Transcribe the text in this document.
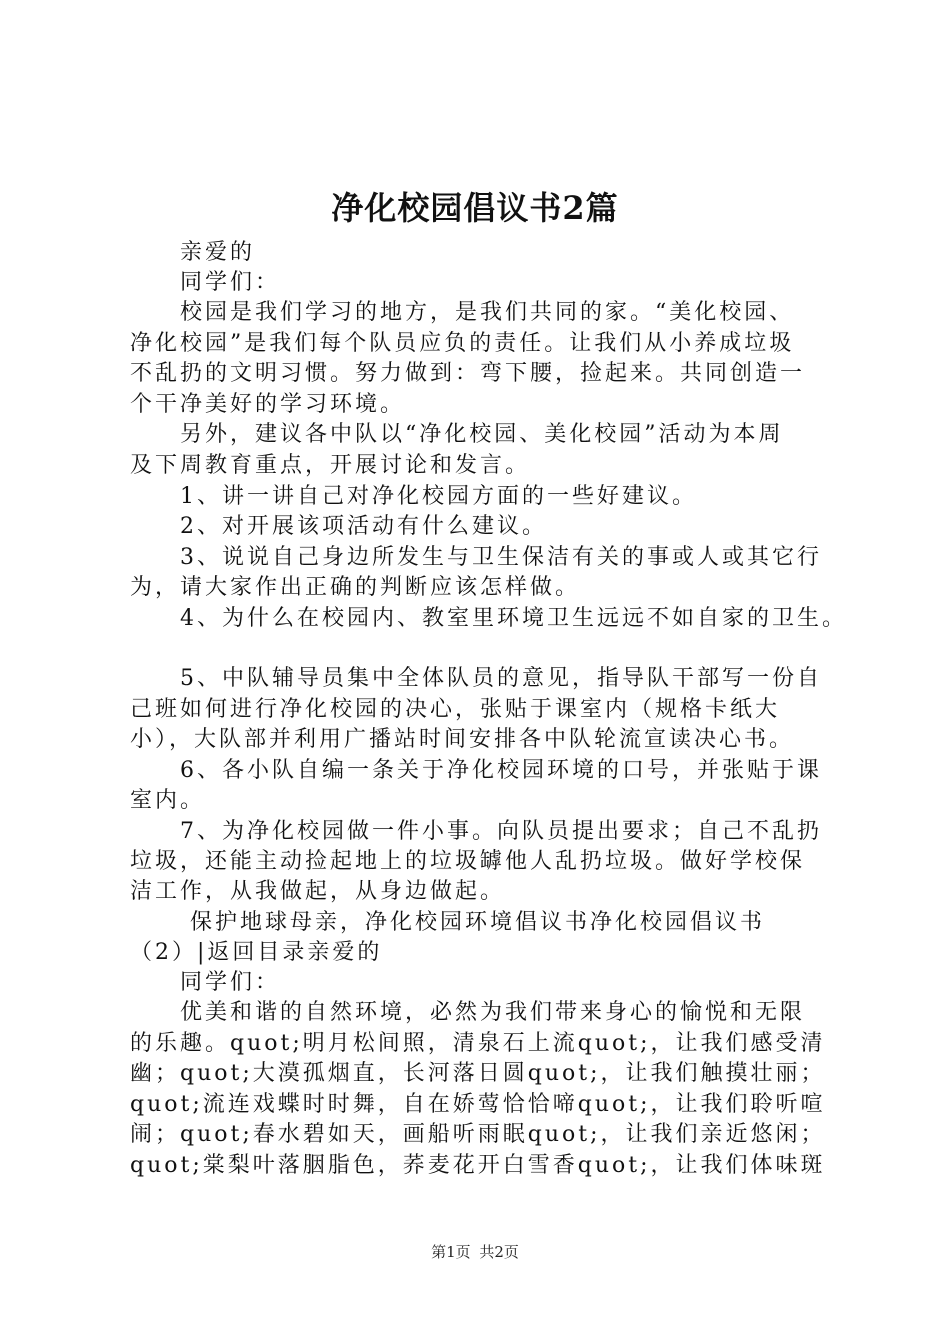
净化校园倡议书2篇
亲爱的
同学们：
校园是我们学习的地方，是我们共同的家。“美化校园、
净化校园”是我们每个队员应负的责任。让我们从小养成垃圾
不乱扔的文明习惯。努力做到：弯下腰，捡起来。共同创造一
个干净美好的学习环境。
另外，建议各中队以“净化校园、美化校园”活动为本周
及下周教育重点，开展讨论和发言。
1、讲一讲自己对净化校园方面的一些好建议。
2、对开展该项活动有什么建议。
3、说说自己身边所发生与卫生保洁有关的事或人或其它行
为，请大家作出正确的判断应该怎样做。
4、为什么在校园内、教室里环境卫生远远不如自家的卫生。
5、中队辅导员集中全体队员的意见，指导队干部写一份自
己班如何进行净化校园的决心，张贴于课室内（规格卡纸大
小），大队部并利用广播站时间安排各中队轮流宣读决心书。
6、各小队自编一条关于净化校园环境的口号，并张贴于课
室内。
7、为净化校园做一件小事。向队员提出要求；自己不乱扔
垃圾，还能主动捡起地上的垃圾罅他人乱扔垃圾。做好学校保
洁工作，从我做起，从身边做起。
保护地球母亲，净化校园环境倡议书净化校园倡议书
（2）|返回目录亲爱的
同学们：
优美和谐的自然环境，必然为我们带来身心的愉悦和无限
的乐趣。quot;明月松间照，清泉石上流quot;，让我们感受清
幽；quot;大漠孤烟直，长河落日圆quot;，让我们触摸壮丽；
quot;流连戏蝶时时舞，自在娇莺恰恰啼quot;，让我们聆听喧
闹；quot;春水碧如天，画船听雨眠quot;，让我们亲近悠闲；
quot;棠梨叶落胭脂色，荞麦花开白雪香quot;，让我们体味斑
第1页 共2页
